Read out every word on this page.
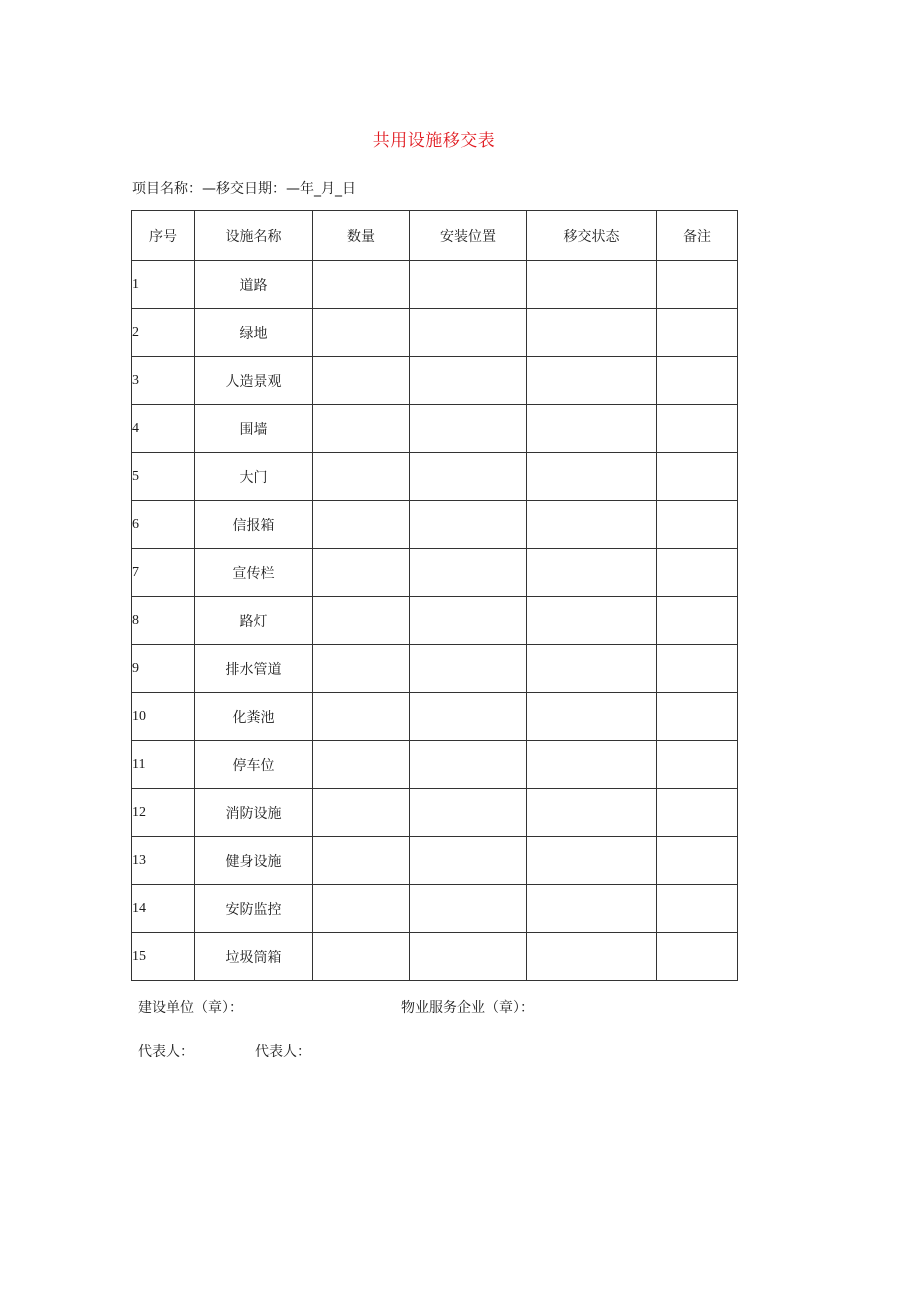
共用设施移交表
项目名称：—移交日期：—年_月_日
序号	设施名称	数量	安装位置	移交状态	备注
1	道路				
2	绿地				
3	人造景观				
4	围墙				
5	大门				
6	信报箱				
7	宣传栏				
8	路灯				
9	排水管道				
10	化粪池				
11	停车位				
12	消防设施				
13	健身设施				
14	安防监控				
15	垃圾筒箱				
建设单位（章）：	物业服务企业（章）：
代表人：	代表人：
